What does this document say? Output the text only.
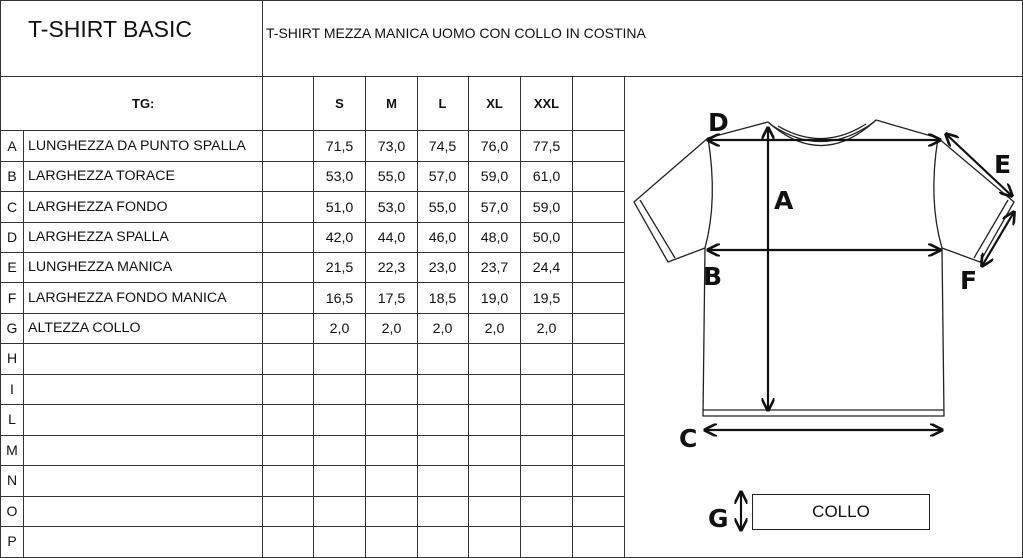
T-SHIRT BASIC	T-SHIRT MEZZA MANICA UOMO CON COLLO IN COSTINA
TG:	S	M	L	XL	XXL
A LUNGHEZZA DA PUNTO SPALLA	71,5	73,0	74,5	76,0	77,5
B LARGHEZZA TORACE	53,0	55,0	57,0	59,0	61,0
C LARGHEZZA FONDO	51,0	53,0	55,0	57,0	59,0
D LARGHEZZA SPALLA	42,0	44,0	46,0	48,0	50,0
E LUNGHEZZA MANICA	21,5	22,3	23,0	23,7	24,4
F LARGHEZZA FONDO MANICA	16,5	17,5	18,5	19,0	19,5
G ALTEZZA COLLO	2,0	2,0	2,0	2,0	2,0
H
I
L
M
N
O
P
D
A
B
C
E
F
G	COLLO
